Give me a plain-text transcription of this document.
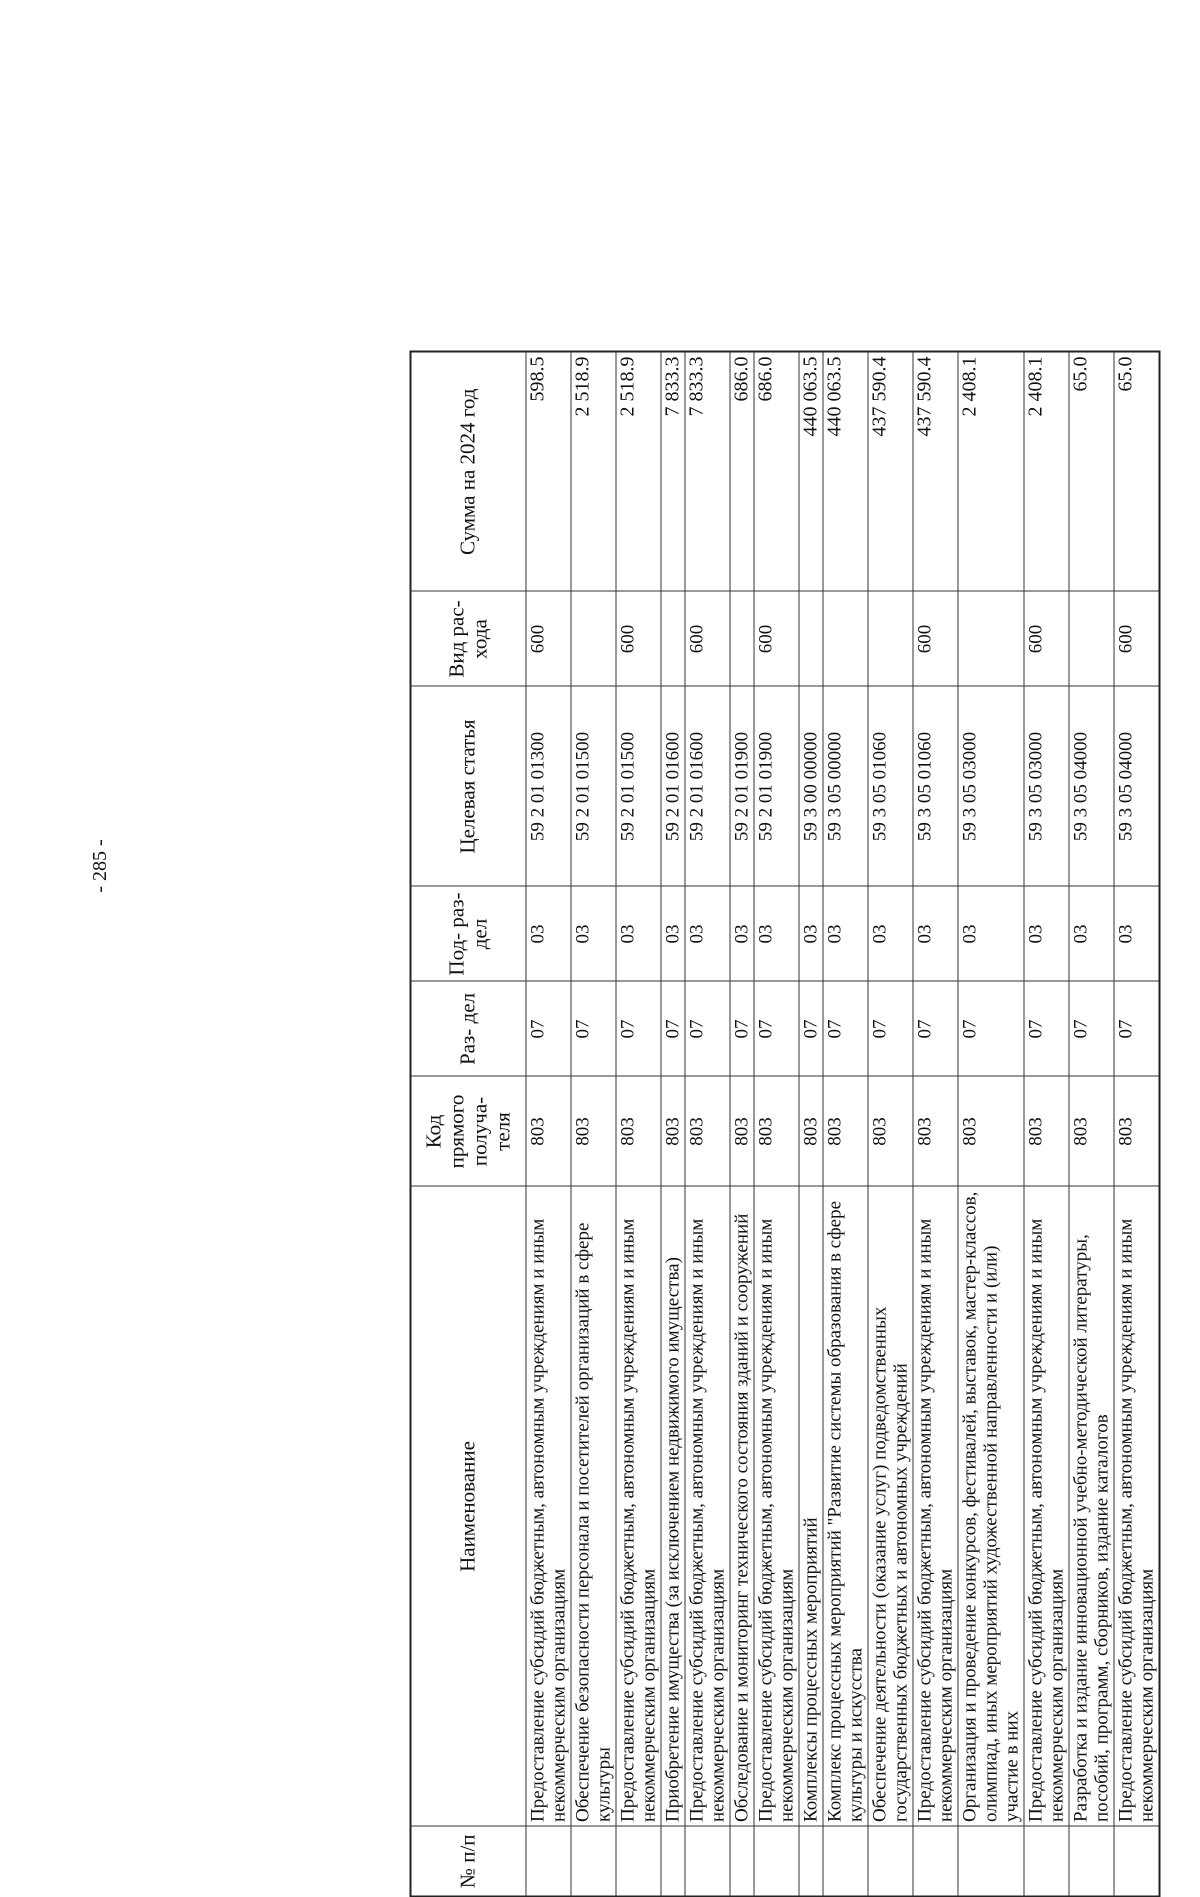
- 285 -
№ п/п	Наименование	Код прямого получа- теля	Раз- дел	Под- раз- дел	Целевая статья	Вид рас- хода	Сумма на 2024 год
	Предоставление субсидий бюджетным, автономным учреждениям и иным некоммерческим организациям	803	07	03	59 2 01 01300	600	598.5
	Обеспечение безопасности персонала и посетителей организаций в сфере культуры	803	07	03	59 2 01 01500		2 518.9
	Предоставление субсидий бюджетным, автономным учреждениям и иным некоммерческим организациям	803	07	03	59 2 01 01500	600	2 518.9
	Приобретение имущества (за исключением недвижимого имущества)	803	07	03	59 2 01 01600		7 833.3
	Предоставление субсидий бюджетным, автономным учреждениям и иным некоммерческим организациям	803	07	03	59 2 01 01600	600	7 833.3
	Обследование и мониторинг технического состояния зданий и сооружений	803	07	03	59 2 01 01900		686.0
	Предоставление субсидий бюджетным, автономным учреждениям и иным некоммерческим организациям	803	07	03	59 2 01 01900	600	686.0
	Комплексы процессных мероприятий	803	07	03	59 3 00 00000		440 063.5
	Комплекс процессных мероприятий "Развитие системы образования в сфере культуры и искусства	803	07	03	59 3 05 00000		440 063.5
	Обеспечение деятельности (оказание услуг) подведомственных государственных бюджетных и автономных учреждений	803	07	03	59 3 05 01060		437 590.4
	Предоставление субсидий бюджетным, автономным учреждениям и иным некоммерческим организациям	803	07	03	59 3 05 01060	600	437 590.4
	Организация и проведение конкурсов, фестивалей, выставок, мастер-классов, олимпиад, иных мероприятий художественной направленности и (или) участие в них	803	07	03	59 3 05 03000		2 408.1
	Предоставление субсидий бюджетным, автономным учреждениям и иным некоммерческим организациям	803	07	03	59 3 05 03000	600	2 408.1
	Разработка и издание инновационной учебно-методической литературы, пособий, программ, сборников, издание каталогов	803	07	03	59 3 05 04000		65.0
	Предоставление субсидий бюджетным, автономным учреждениям и иным некоммерческим организациям	803	07	03	59 3 05 04000	600	65.0
